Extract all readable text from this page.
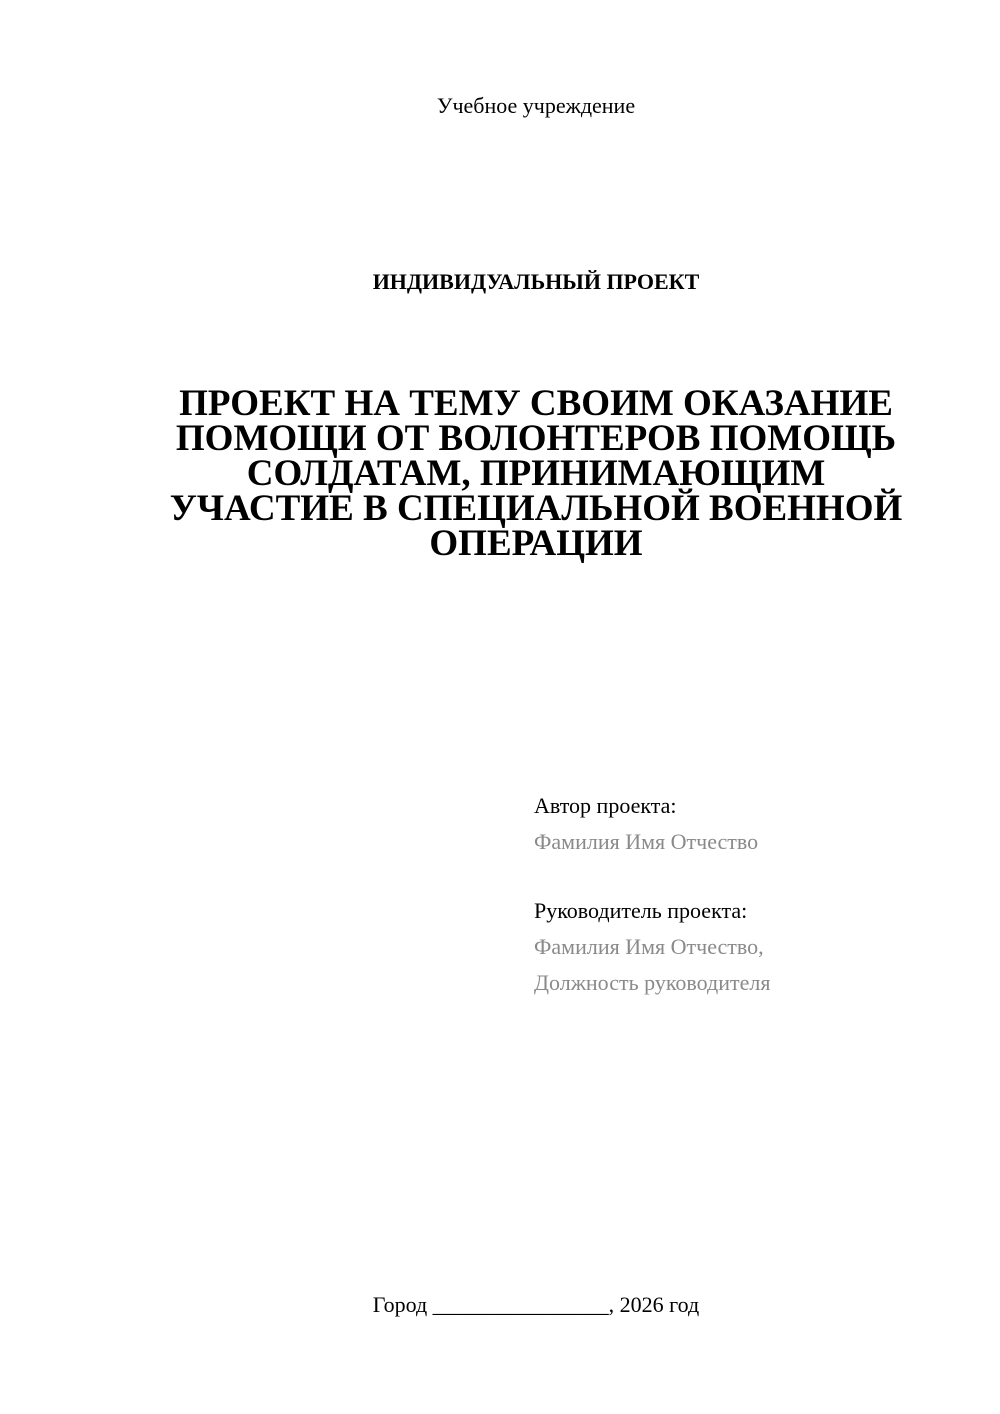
Учебное учреждение
ИНДИВИДУАЛЬНЫЙ ПРОЕКТ
ПРОЕКТ НА ТЕМУ СВОИМ ОКАЗАНИЕ
ПОМОЩИ ОТ ВОЛОНТЕРОВ ПОМОЩЬ
СОЛДАТАМ, ПРИНИМАЮЩИМ
УЧАСТИЕ В СПЕЦИАЛЬНОЙ ВОЕННОЙ
ОПЕРАЦИИ
Автор проекта:
Фамилия Имя Отчество
Руководитель проекта:
Фамилия Имя Отчество,
Должность руководителя
Город ________________, 2026 год
